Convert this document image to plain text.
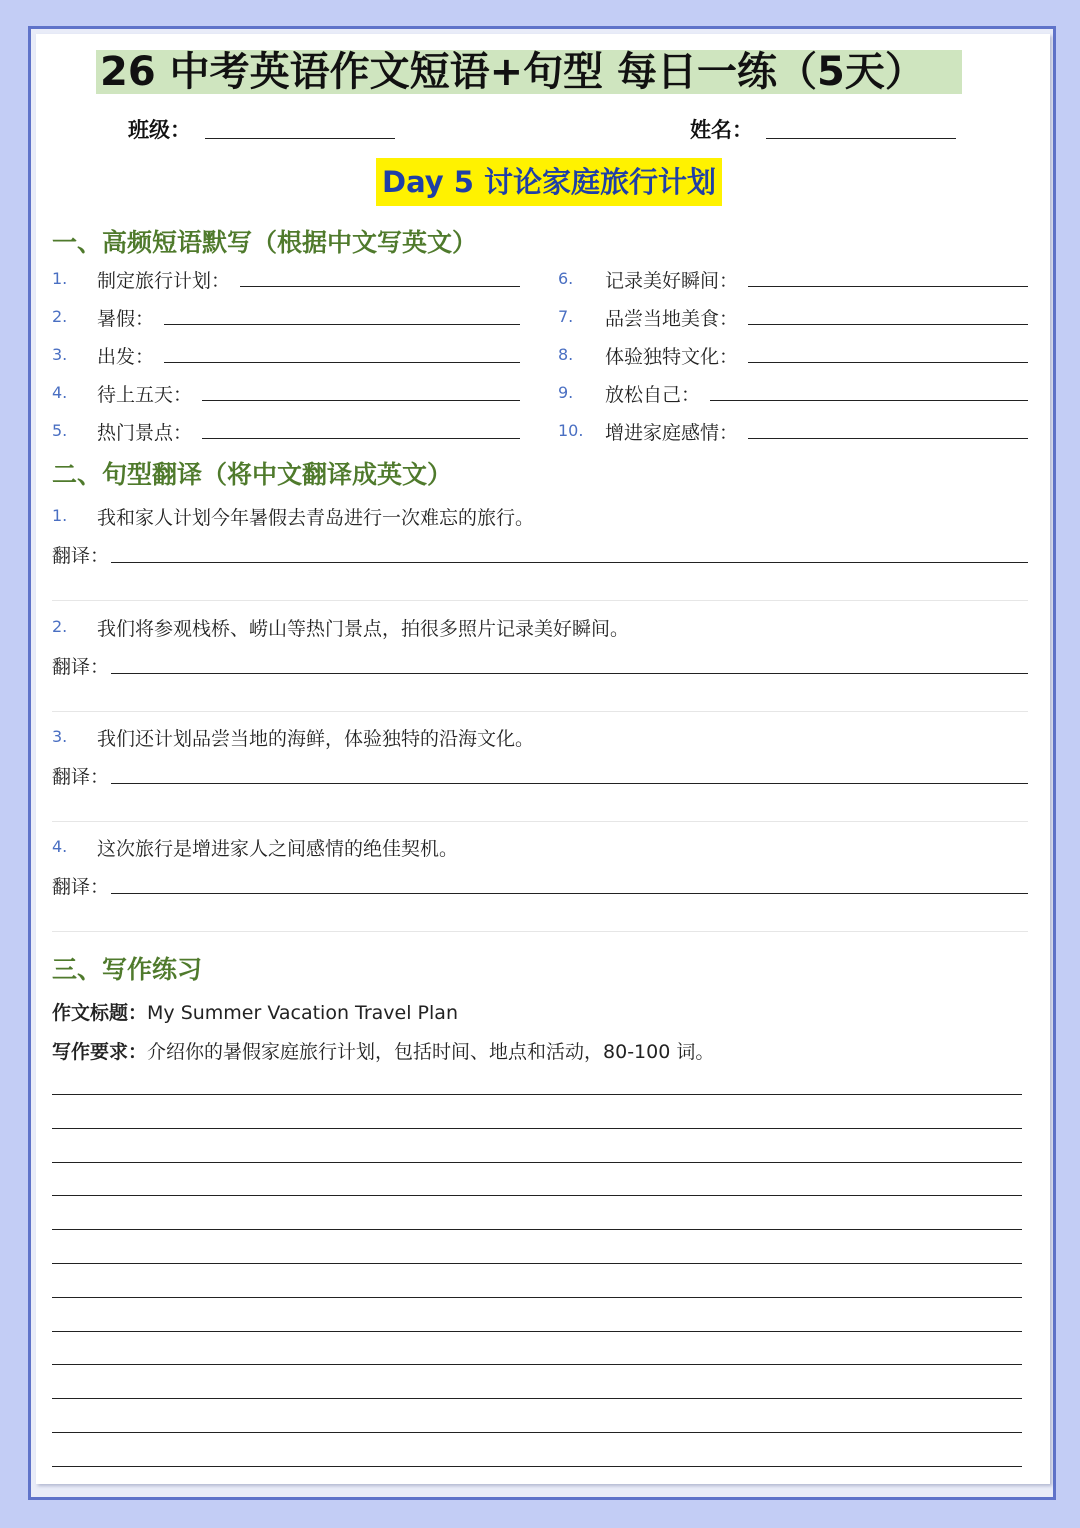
26 中考英语作文短语+句型 每日一练（5天）
班级：	姓名：
Day 5 讨论家庭旅行计划
一、高频短语默写（根据中文写英文）
1. 制定旅行计划：
2. 暑假：
3. 出发：
4. 待上五天：
5. 热门景点：
6. 记录美好瞬间：
7. 品尝当地美食：
8. 体验独特文化：
9. 放松自己：
10. 增进家庭感情：
二、句型翻译（将中文翻译成英文）
1. 我和家人计划今年暑假去青岛进行一次难忘的旅行。
翻译：
2. 我们将参观栈桥、崂山等热门景点，拍很多照片记录美好瞬间。
翻译：
3. 我们还计划品尝当地的海鲜，体验独特的沿海文化。
翻译：
4. 这次旅行是增进家人之间感情的绝佳契机。
翻译：
三、写作练习
作文标题：My Summer Vacation Travel Plan
写作要求：介绍你的暑假家庭旅行计划，包括时间、地点和活动，80-100 词。
